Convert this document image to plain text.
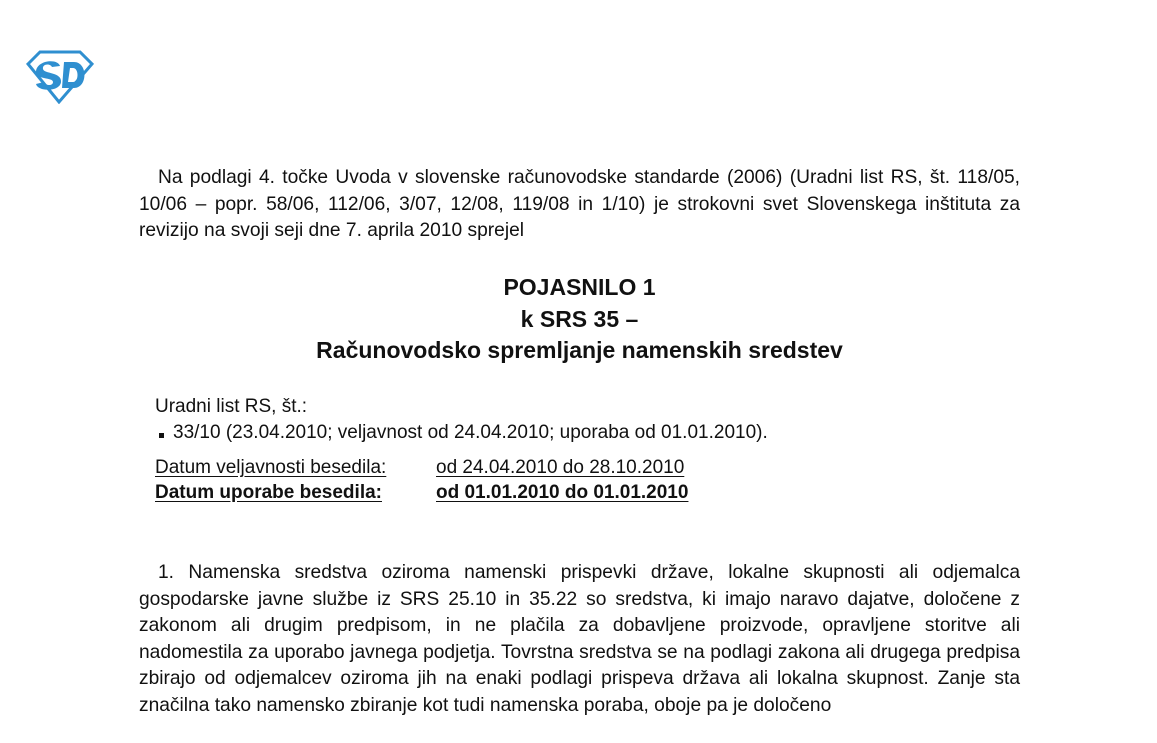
Na podlagi 4. točke Uvoda v slovenske računovodske standarde (2006) (Uradni list RS, št. 118/05, 10/06 – popr. 58/06, 112/06, 3/07, 12/08, 119/08 in 1/10) je strokovni svet Slovenskega inštituta za revizijo na svoji seji dne 7. aprila 2010 sprejel

POJASNILO 1
k SRS 35 –
Računovodsko spremljanje namenskih sredstev
Uradni list RS, št.:
33/10 (23.04.2010; veljavnost od 24.04.2010; uporaba od 01.01.2010).
Datum veljavnosti besedila:	od 24.04.2010 do 28.10.2010
Datum uporabe besedila:	od 01.01.2010 do 01.01.2010

1. Namenska sredstva oziroma namenski prispevki države, lokalne skupnosti ali odjemalca gospodarske javne službe iz SRS 25.10 in 35.22 so sredstva, ki imajo naravo dajatve, določene z zakonom ali drugim predpisom, in ne plačila za dobavljene proizvode, opravljene storitve ali nadomestila za uporabo javnega podjetja. Tovrstna sredstva se na podlagi zakona ali drugega predpisa zbirajo od odjemalcev oziroma jih na enaki podlagi prispeva država ali lokalna skupnost. Zanje sta značilna tako namensko zbiranje kot tudi namenska poraba, oboje pa je določeno
